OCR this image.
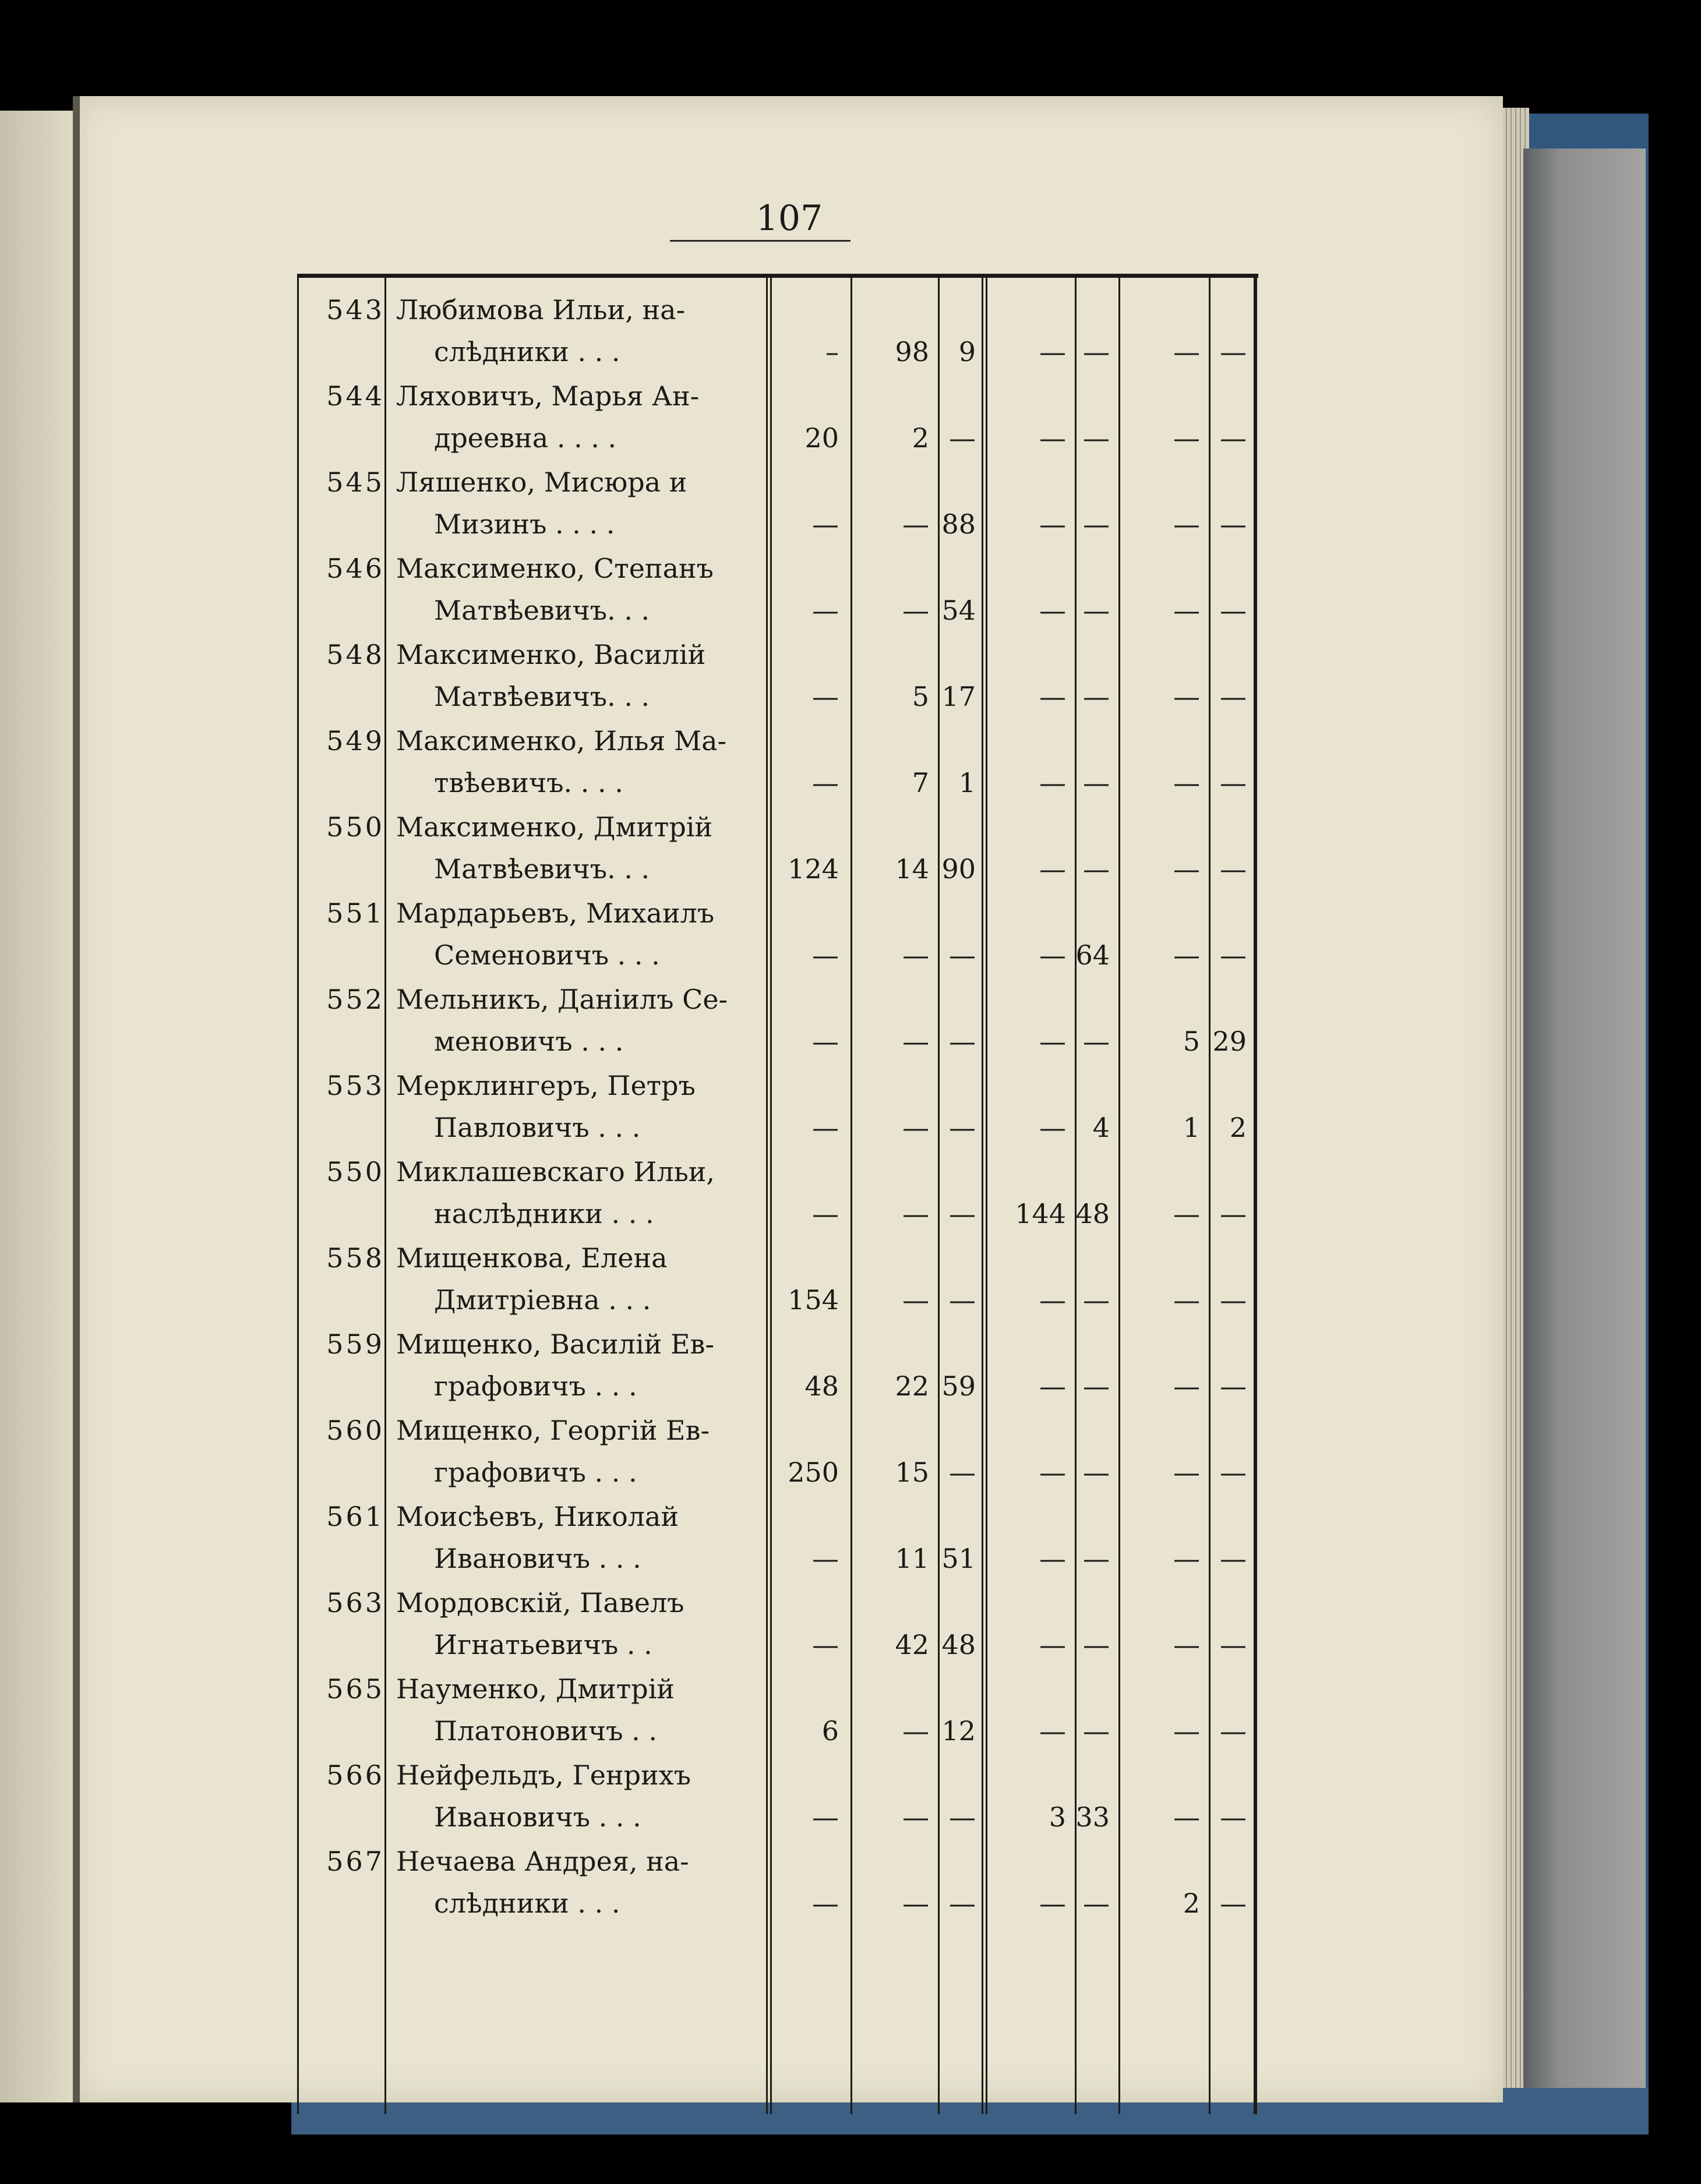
107
543 Любимова Ильи, на-
слѣдники . . .	–	98	9	— —	— —
544 Ляховичъ, Марья Ан-
дреевна . . . .	20	2 —	— —	— —
545 Ляшенко, Мисюра и
Мизинъ . . . .	—	— 88	— —	— —
546 Максименко, Степанъ
Матвѣевичъ. . .	—	— 54	— —	— —
548 Максименко, Василій
Матвѣевичъ. . .	—	5 17	— —	— —
549 Максименко, Илья Ма-
твѣевичъ. . . .	—	7	1	— —	— —
550 Максименко, Дмитрій
Матвѣевичъ. . .	124	14 90	— —	— —
551 Мардарьевъ, Михаилъ
Семеновичъ . . .	—	— —	— 64	— —
552 Мельникъ, Даніилъ Се-
меновичъ . . .	—	— —	— —	5 29
553 Мерклингеръ, Петръ
Павловичъ . . .	—	— —	— 4	1	2
550 Миклашевскаго Ильи,
наслѣдники . . .	—	— —	144 48	— —
558 Мищенкова, Елена
Дмитріевна . . .	154	— —	— —	— —
559 Мищенко, Василій Ев-
графовичъ . . .	48	22 59	— —	— —
560 Мищенко, Георгій Ев-
графовичъ . . .	250	15 —	— —	— —
561 Моисѣевъ, Николай
Ивановичъ . . .	—	11 51	— —	— —
563 Мордовскій, Павелъ
Игнатьевичъ . .	—	42 48	— —	— —
565 Науменко, Дмитрій
Платоновичъ . .	6	— 12	— —	— —
566 Нейфельдъ, Генрихъ
Ивановичъ . . .	—	— —	3 33	— —
567 Нечаева Андрея, на-
слѣдники . . .	—	— —	— —	2 —
